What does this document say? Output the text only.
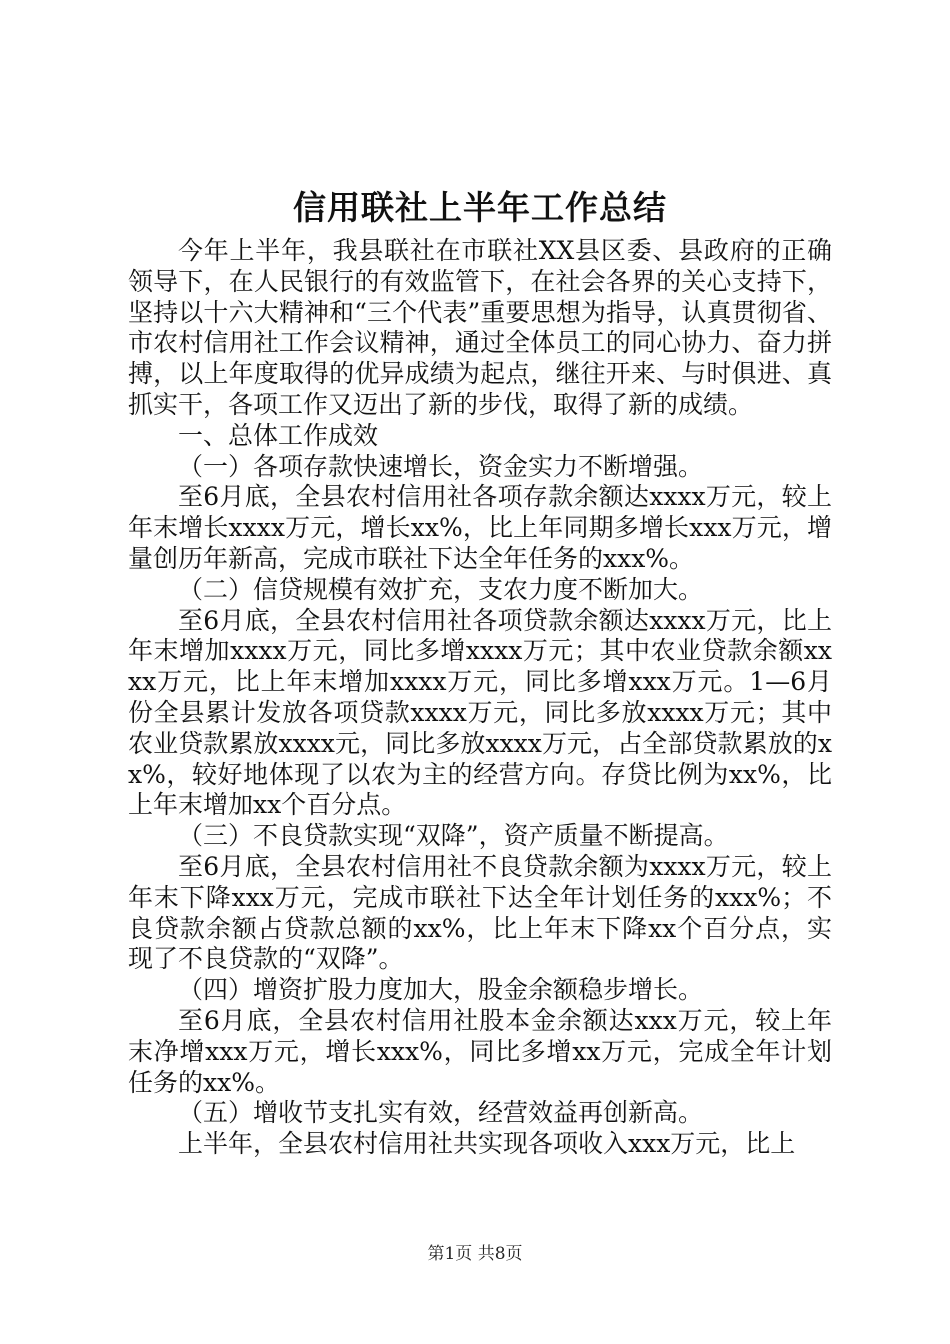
信用联社上半年工作总结

今年上半年，我县联社在市联社XX县区委、县政府的正确领导下，在人民银行的有效监管下，在社会各界的关心支持下，坚持以十六大精神和“三个代表”重要思想为指导，认真贯彻省、市农村信用社工作会议精神，通过全体员工的同心协力、奋力拼搏，以上年度取得的优异成绩为起点，继往开来、与时俱进、真抓实干，各项工作又迈出了新的步伐，取得了新的成绩。

一、总体工作成效

（一）各项存款快速增长，资金实力不断增强。

至6月底，全县农村信用社各项存款余额达xxxx万元，较上年末增长xxxx万元，增长xx%，比上年同期多增长xxx万元，增量创历年新高，完成市联社下达全年任务的xxx%。

（二）信贷规模有效扩充，支农力度不断加大。

至6月底，全县农村信用社各项贷款余额达xxxx万元，比上年末增加xxxx万元，同比多增xxxx万元；其中农业贷款余额xxxx万元，比上年末增加xxxx万元，同比多增xxx万元。1—6月份全县累计发放各项贷款xxxx万元，同比多放xxxx万元；其中农业贷款累放xxxx元，同比多放xxxx万元，占全部贷款累放的xx%，较好地体现了以农为主的经营方向。存贷比例为xx%，比上年末增加xx个百分点。

（三）不良贷款实现“双降”，资产质量不断提高。

至6月底，全县农村信用社不良贷款余额为xxxx万元，较上年末下降xxx万元，完成市联社下达全年计划任务的xxx%；不良贷款余额占贷款总额的xx%，比上年末下降xx个百分点，实现了不良贷款的“双降”。

（四）增资扩股力度加大，股金余额稳步增长。

至6月底，全县农村信用社股本金余额达xxx万元，较上年末净增xxx万元，增长xxx%，同比多增xx万元，完成全年计划任务的xx%。

（五）增收节支扎实有效，经营效益再创新高。

上半年，全县农村信用社共实现各项收入xxx万元，比上

第1页 共8页
